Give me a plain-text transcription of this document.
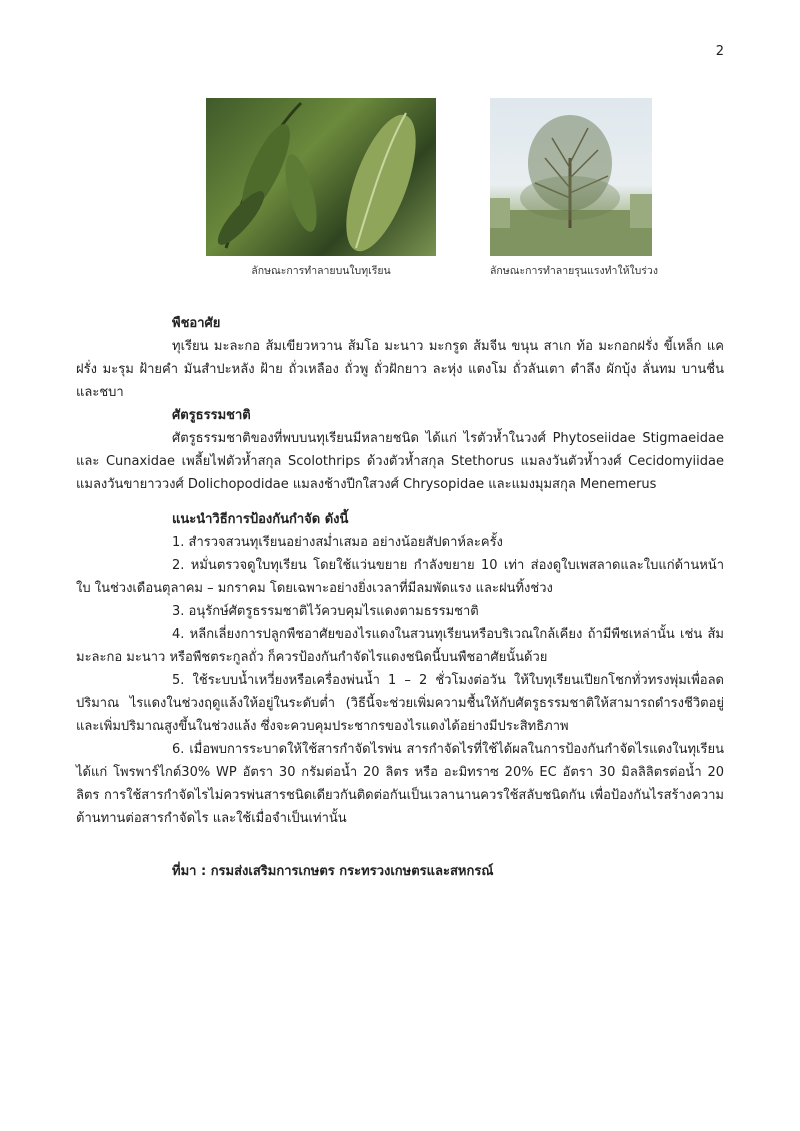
2
ลักษณะการทำลายบนใบทุเรียน	ลักษณะการทำลายรุนแรงทำให้ใบร่วง
พืชอาศัย
ทุเรียน มะละกอ ส้มเขียวหวาน ส้มโอ มะนาว มะกรูด ส้มจีน ขนุน สาเก ท้อ มะกอกฝรั่ง ขี้เหล็ก แคฝรั่ง มะรุม ฝ้ายคำ มันสำปะหลัง ฝ้าย ถั่วเหลือง ถั่วพู ถั่วฝักยาว ละหุ่ง แตงโม ถั่วลันเตา ตำลึง ผักบุ้ง ลั่นทม บานชื่น และชบา
ศัตรูธรรมชาติ
ศัตรูธรรมชาติของที่พบบนทุเรียนมีหลายชนิด ได้แก่ ไรตัวห้ำในวงศ์ Phytoseiidae Stigmaeidae และ Cunaxidae เพลี้ยไฟตัวห้ำสกุล Scolothrips ด้วงตัวห้ำสกุล Stethorus แมลงวันตัวห้ำวงศ์ Cecidomyiidae แมลงวันขายาววงศ์ Dolichopodidae แมลงช้างปีกใสวงศ์ Chrysopidae และแมงมุมสกุล Menemerus
แนะนำวิธีการป้องกันกำจัด ดังนี้
1. สำรวจสวนทุเรียนอย่างสม่ำเสมอ อย่างน้อยสัปดาห์ละครั้ง
2. หมั่นตรวจดูใบทุเรียน โดยใช้แว่นขยาย กำลังขยาย 10 เท่า ส่องดูใบเพสลาดและใบแก่ด้านหน้าใบ ในช่วงเดือนตุลาคม – มกราคม โดยเฉพาะอย่างยิ่งเวลาที่มีลมพัดแรง และฝนทิ้งช่วง
3. อนุรักษ์ศัตรูธรรมชาติไว้ควบคุมไรแดงตามธรรมชาติ
4. หลีกเลี่ยงการปลูกพืชอาศัยของไรแดงในสวนทุเรียนหรือบริเวณใกล้เคียง ถ้ามีพืชเหล่านั้น เช่น ส้ม มะละกอ มะนาว หรือพืชตระกูลถั่ว ก็ควรป้องกันกำจัดไรแดงชนิดนี้บนพืชอาศัยนั้นด้วย
5. ใช้ระบบน้ำเหวี่ยงหรือเครื่องพ่นน้ำ 1 – 2 ชั่วโมงต่อวัน ให้ใบทุเรียนเปียกโชกทั่วทรงพุ่มเพื่อลดปริมาณ ไรแดงในช่วงฤดูแล้งให้อยู่ในระดับต่ำ (วิธีนี้จะช่วยเพิ่มความชื้นให้กับศัตรูธรรมชาติให้สามารถดำรงชีวิตอยู่ และเพิ่มปริมาณสูงขึ้นในช่วงแล้ง ซึ่งจะควบคุมประชากรของไรแดงได้อย่างมีประสิทธิภาพ
6. เมื่อพบการระบาดให้ใช้สารกำจัดไรพ่น สารกำจัดไรที่ใช้ได้ผลในการป้องกันกำจัดไรแดงในทุเรียน ได้แก่ โพรพาร์ไกต์30% WP อัตรา 30 กรัมต่อน้ำ 20 ลิตร หรือ อะมิทราซ 20% EC อัตรา 30 มิลลิลิตรต่อน้ำ 20 ลิตร การใช้สารกำจัดไรไม่ควรพ่นสารชนิดเดียวกันติดต่อกันเป็นเวลานานควรใช้สลับชนิดกัน เพื่อป้องกันไรสร้างความต้านทานต่อสารกำจัดไร และใช้เมื่อจำเป็นเท่านั้น
ที่มา : กรมส่งเสริมการเกษตร กระทรวงเกษตรและสหกรณ์
